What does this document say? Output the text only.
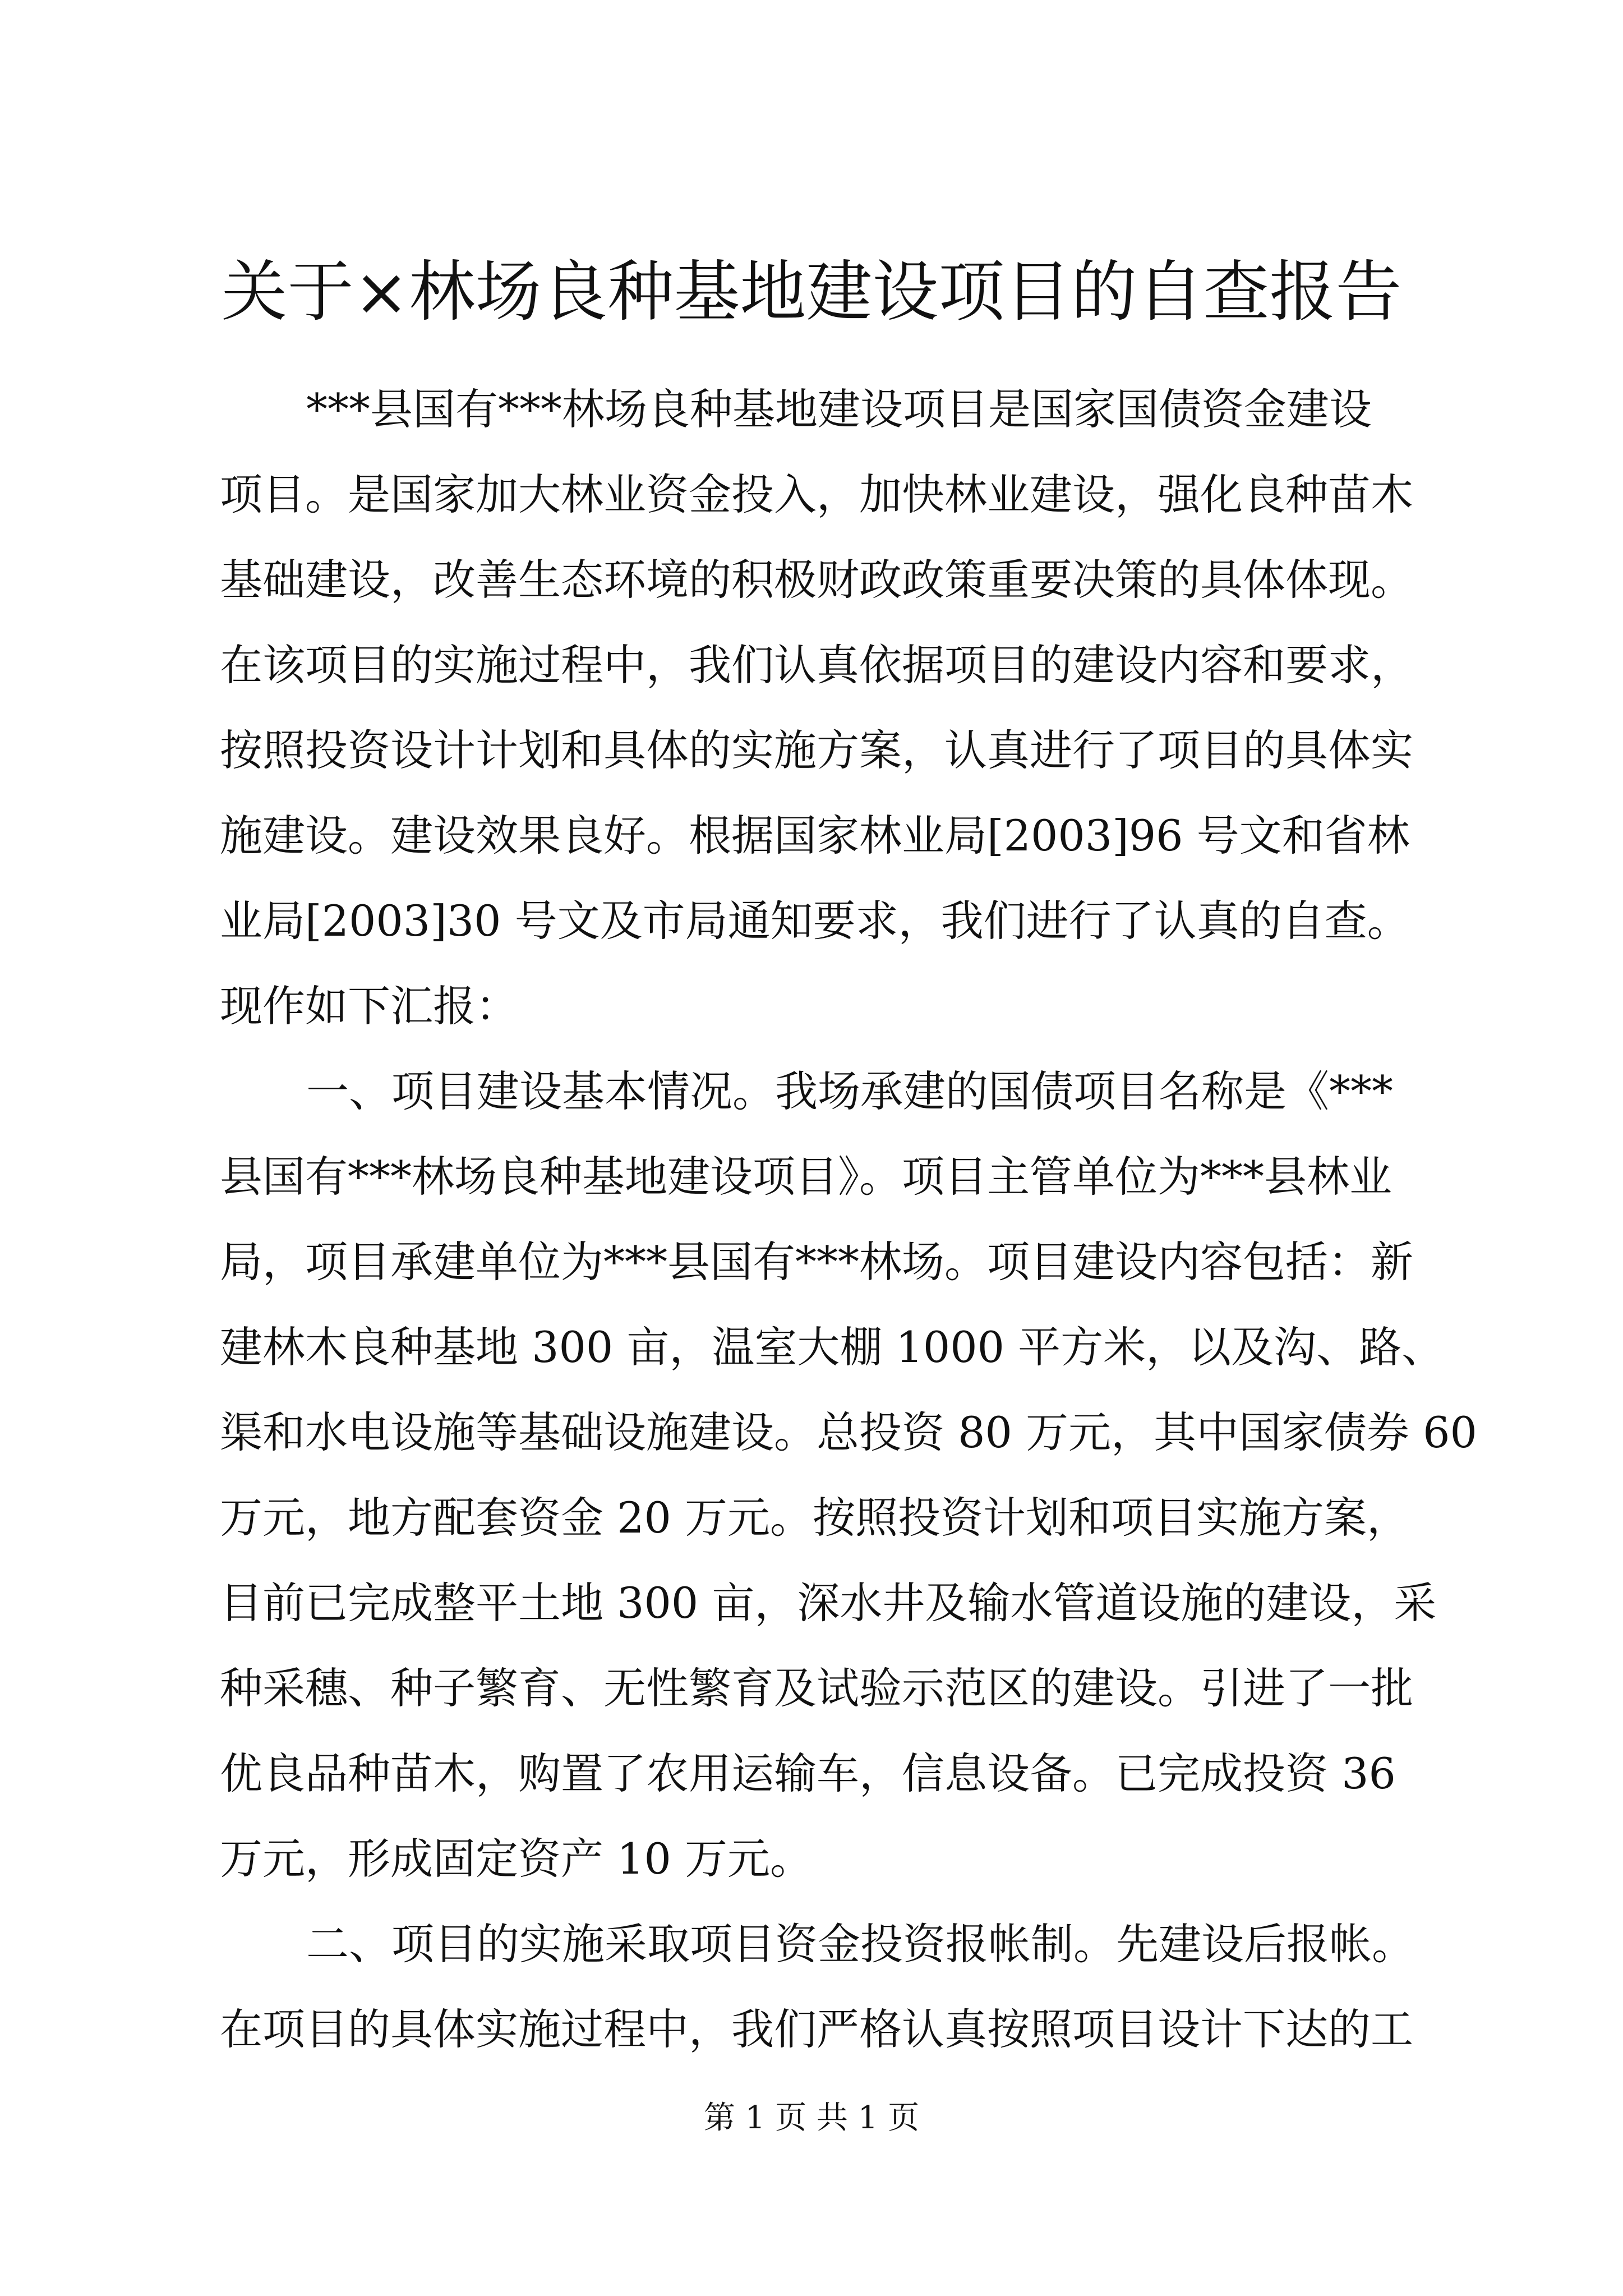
关于×林场良种基地建设项目的自查报告

***县国有***林场良种基地建设项目是国家国债资金建设

项目。是国家加大林业资金投入，加快林业建设，强化良种苗木

基础建设，改善生态环境的积极财政政策重要决策的具体体现。

在该项目的实施过程中，我们认真依据项目的建设内容和要求，

按照投资设计计划和具体的实施方案，认真进行了项目的具体实

施建设。建设效果良好。根据国家林业局[2003]96 号文和省林

业局[2003]30 号文及市局通知要求，我们进行了认真的自查。

现作如下汇报：

一、项目建设基本情况。我场承建的国债项目名称是《***

县国有***林场良种基地建设项目》。项目主管单位为***县林业

局，项目承建单位为***县国有***林场。项目建设内容包括：新

建林木良种基地 300 亩，温室大棚 1000 平方米，以及沟、路、

渠和水电设施等基础设施建设。总投资 80 万元，其中国家债券 60

万元，地方配套资金 20 万元。按照投资计划和项目实施方案，

目前已完成整平土地 300 亩，深水井及输水管道设施的建设，采

种采穗、种子繁育、无性繁育及试验示范区的建设。引进了一批

优良品种苗木，购置了农用运输车，信息设备。已完成投资 36

万元，形成固定资产 10 万元。

二、项目的实施采取项目资金投资报帐制。先建设后报帐。

在项目的具体实施过程中，我们严格认真按照项目设计下达的工

第 1 页 共 1 页
